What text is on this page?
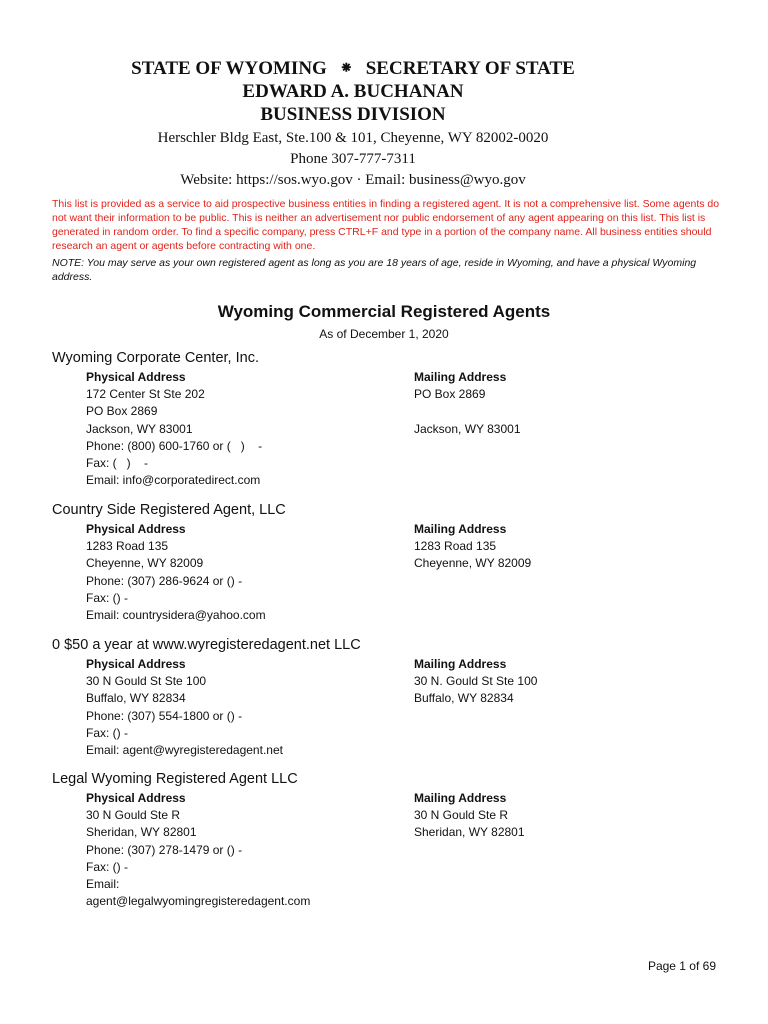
STATE OF WYOMING ⁕ SECRETARY OF STATE
EDWARD A. BUCHANAN
BUSINESS DIVISION
Herschler Bldg East, Ste.100 & 101, Cheyenne, WY 82002-0020
Phone 307-777-7311
Website: https://sos.wyo.gov · Email: business@wyo.gov
This list is provided as a service to aid prospective business entities in finding a registered agent. It is not a comprehensive list. Some agents do not want their information to be public. This is neither an advertisement nor public endorsement of any agent appearing on this list. This list is generated in random order. To find a specific company, press CTRL+F and type in a portion of the company name. All business entities should research an agent or agents before contracting with one.
NOTE: You may serve as your own registered agent as long as you are 18 years of age, reside in Wyoming, and have a physical Wyoming address.
Wyoming Commercial Registered Agents
As of December 1, 2020
Wyoming Corporate Center, Inc.
Physical Address
172 Center St Ste 202
PO Box 2869
Jackson, WY 83001
Phone: (800) 600-1760 or (   )    -
Fax: (   )    -
Email: info@corporatedirect.com
Mailing Address
PO Box 2869
Jackson, WY 83001
Country Side Registered Agent, LLC
Physical Address
1283 Road 135
Cheyenne, WY 82009
Phone: (307) 286-9624 or () -
Fax: () -
Email: countrysidera@yahoo.com
Mailing Address
1283 Road 135
Cheyenne, WY 82009
0 $50 a year at www.wyregisteredagent.net LLC
Physical Address
30 N Gould St Ste 100
Buffalo, WY 82834
Phone: (307) 554-1800 or () -
Fax: () -
Email: agent@wyregisteredagent.net
Mailing Address
30 N. Gould St Ste 100
Buffalo, WY 82834
Legal Wyoming Registered Agent LLC
Physical Address
30 N Gould Ste R
Sheridan, WY 82801
Phone: (307) 278-1479 or () -
Fax: () -
Email:
agent@legalwyomingregisteredagent.com
Mailing Address
30 N Gould Ste R
Sheridan, WY 82801
Page 1 of 69
